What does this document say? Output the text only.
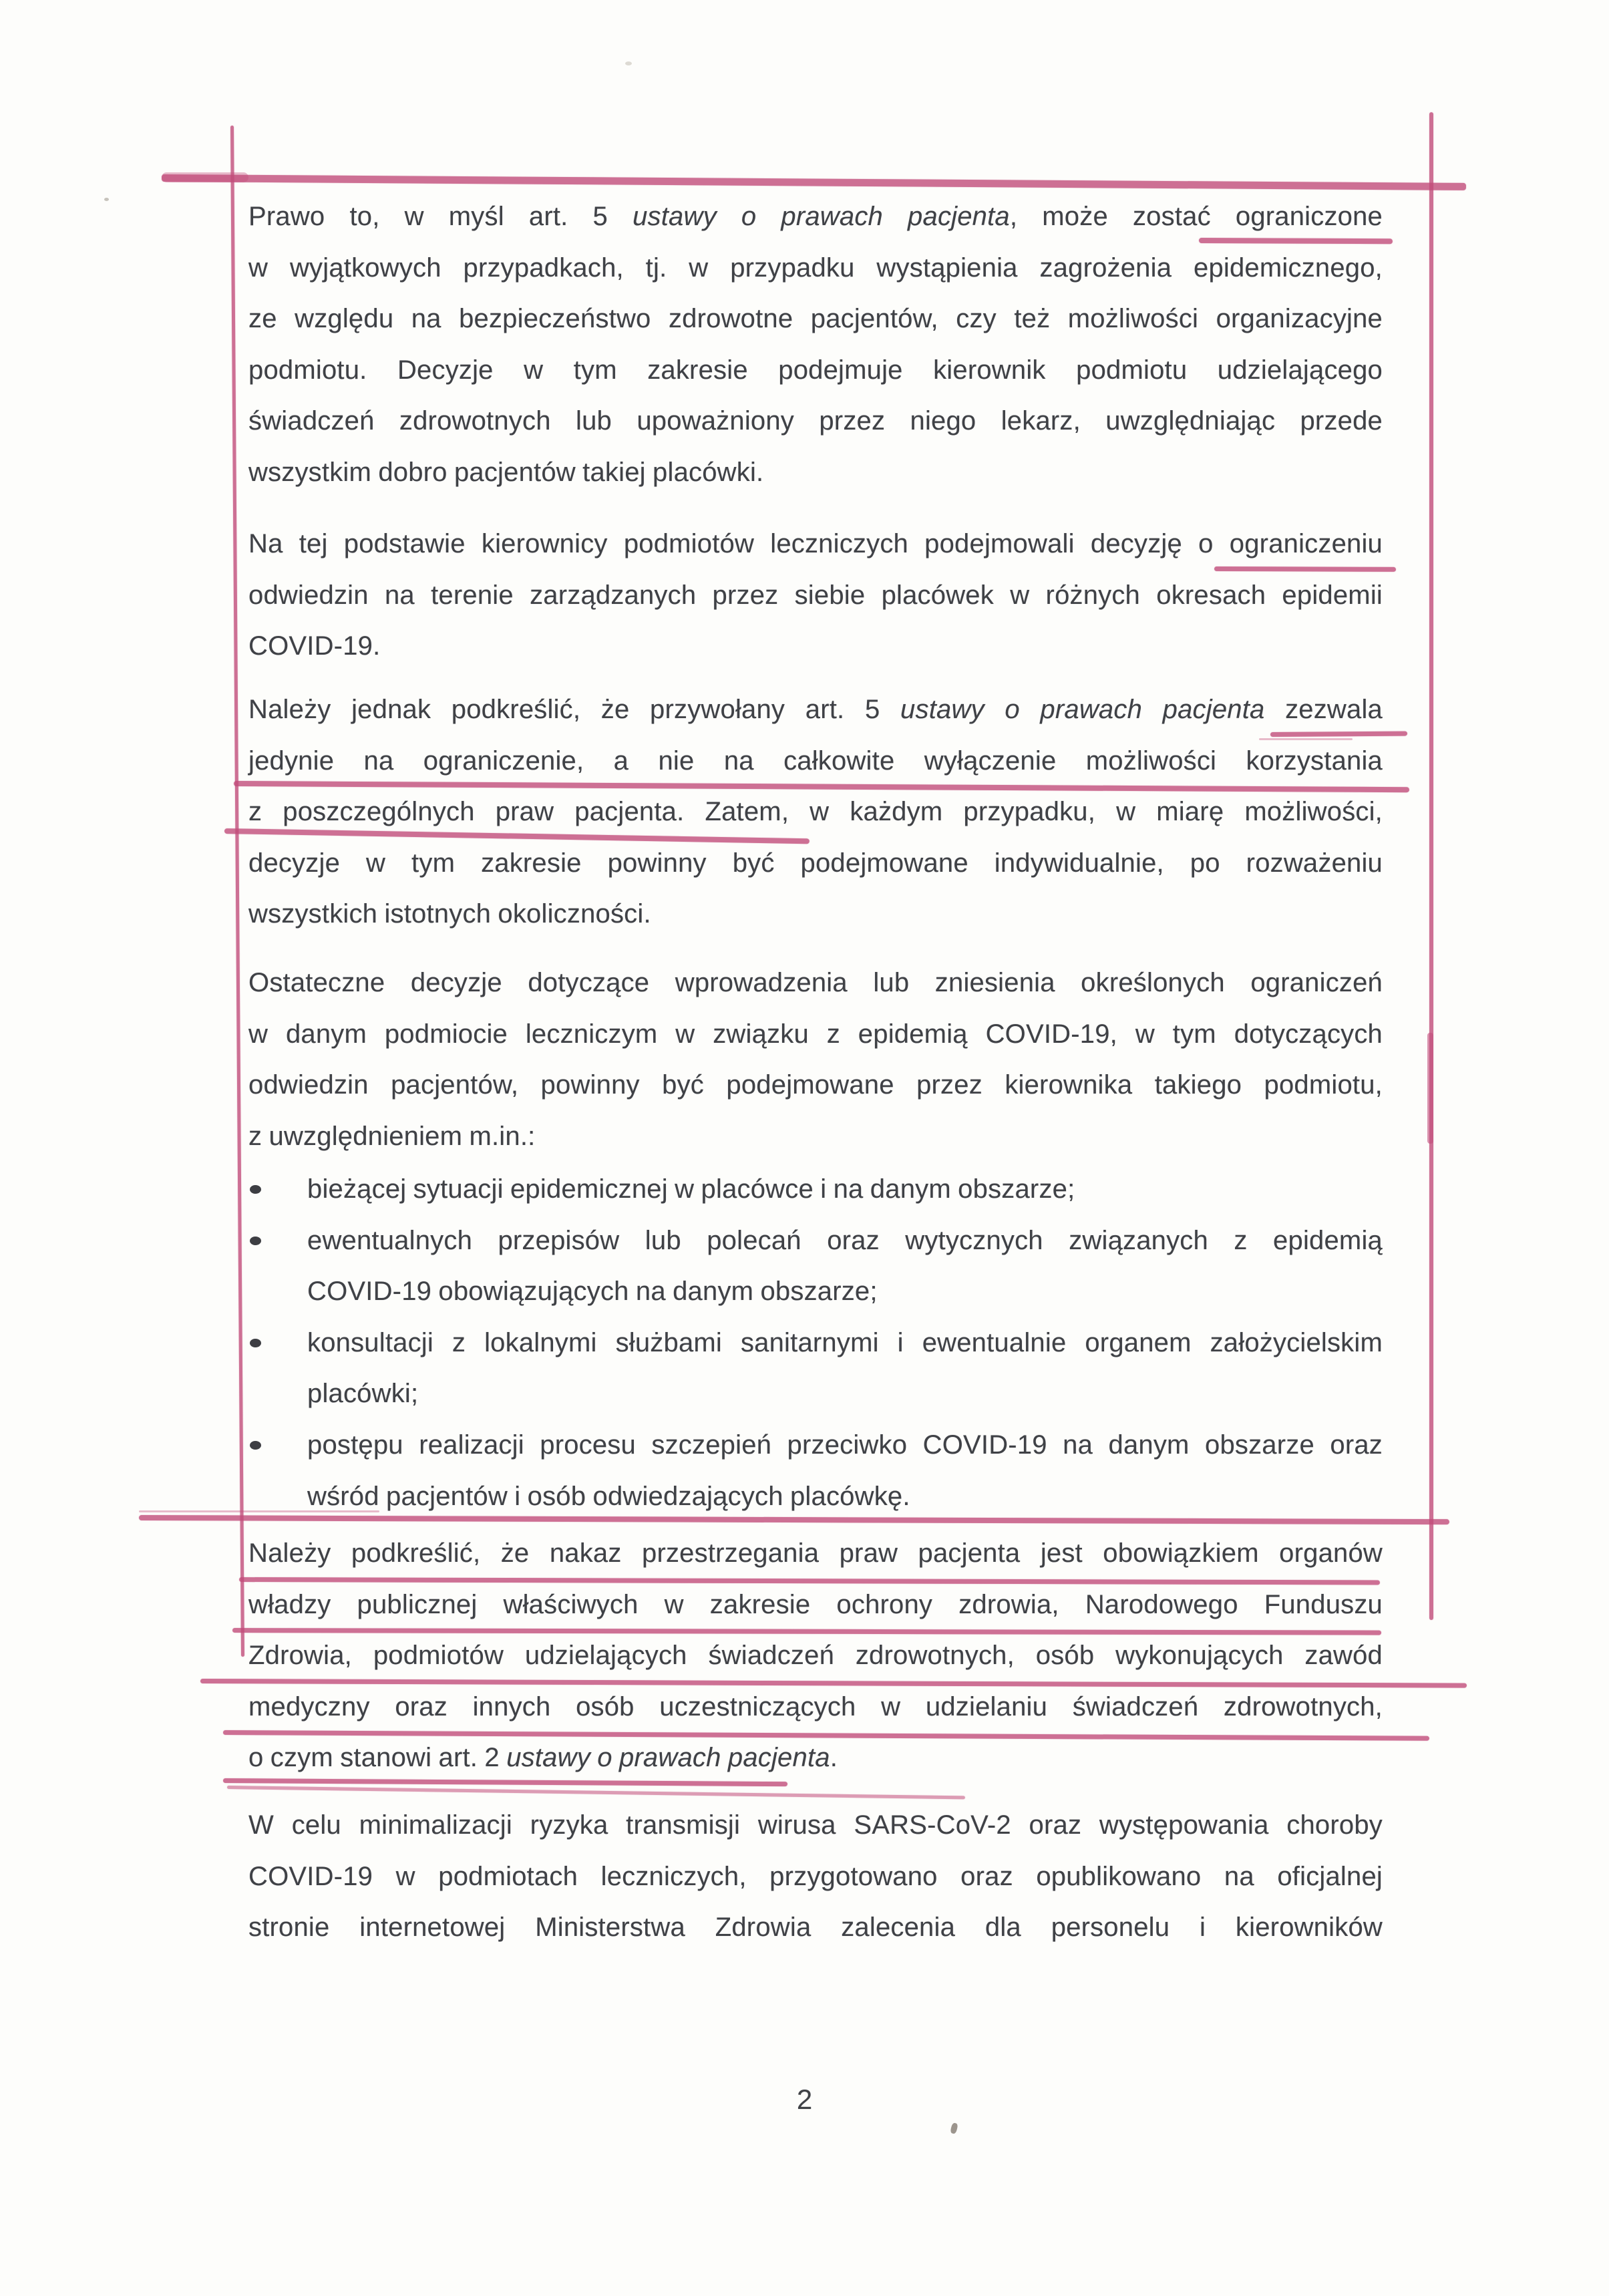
Prawo to, w myśl art. 5 ustawy o prawach pacjenta, może zostać ograniczone
w wyjątkowych przypadkach, tj. w przypadku wystąpienia zagrożenia epidemicznego,
ze względu na bezpieczeństwo zdrowotne pacjentów, czy też możliwości organizacyjne
podmiotu. Decyzje w tym zakresie podejmuje kierownik podmiotu udzielającego
świadczeń zdrowotnych lub upoważniony przez niego lekarz, uwzględniając przede
wszystkim dobro pacjentów takiej placówki.
Na tej podstawie kierownicy podmiotów leczniczych podejmowali decyzję o ograniczeniu
odwiedzin na terenie zarządzanych przez siebie placówek w różnych okresach epidemii
COVID-19.
Należy jednak podkreślić, że przywołany art. 5 ustawy o prawach pacjenta zezwala
jedynie na ograniczenie, a nie na całkowite wyłączenie możliwości korzystania
z poszczególnych praw pacjenta. Zatem, w każdym przypadku, w miarę możliwości,
decyzje w tym zakresie powinny być podejmowane indywidualnie, po rozważeniu
wszystkich istotnych okoliczności.
Ostateczne decyzje dotyczące wprowadzenia lub zniesienia określonych ograniczeń
w danym podmiocie leczniczym w związku z epidemią COVID-19, w tym dotyczących
odwiedzin pacjentów, powinny być podejmowane przez kierownika takiego podmiotu,
z uwzględnieniem m.in.:
bieżącej sytuacji epidemicznej w placówce i na danym obszarze;
ewentualnych przepisów lub polecań oraz wytycznych związanych z epidemią
COVID-19 obowiązujących na danym obszarze;
konsultacji z lokalnymi służbami sanitarnymi i ewentualnie organem założycielskim
placówki;
postępu realizacji procesu szczepień przeciwko COVID-19 na danym obszarze oraz
wśród pacjentów i osób odwiedzających placówkę.
Należy podkreślić, że nakaz przestrzegania praw pacjenta jest obowiązkiem organów
władzy publicznej właściwych w zakresie ochrony zdrowia, Narodowego Funduszu
Zdrowia, podmiotów udzielających świadczeń zdrowotnych, osób wykonujących zawód
medyczny oraz innych osób uczestniczących w udzielaniu świadczeń zdrowotnych,
o czym stanowi art. 2 ustawy o prawach pacjenta.
W celu minimalizacji ryzyka transmisji wirusa SARS-CoV-2 oraz występowania choroby
COVID-19 w podmiotach leczniczych, przygotowano oraz opublikowano na oficjalnej
stronie internetowej Ministerstwa Zdrowia zalecenia dla personelu i kierowników
2
